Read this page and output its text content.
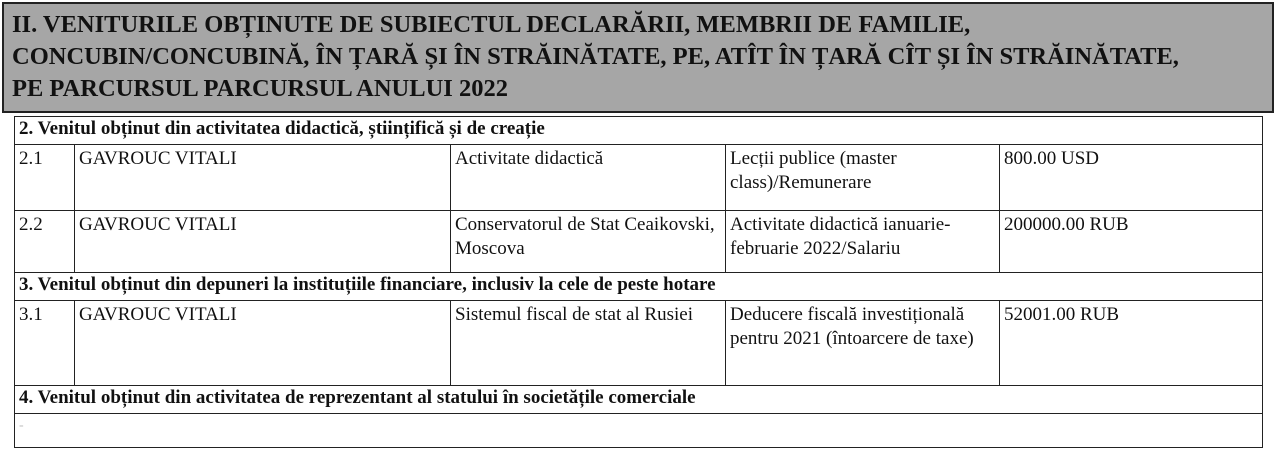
II. VENITURILE OBȚINUTE DE SUBIECTUL DECLARĂRII, MEMBRII DE FAMILIE,
CONCUBIN/CONCUBINĂ, ÎN ȚARĂ ȘI ÎN STRĂINĂTATE, PE, ATÎT ÎN ȚARĂ CÎT ȘI ÎN STRĂINĂTATE,
PE PARCURSUL PARCURSUL ANULUI 2022
2. Venitul obținut din activitatea didactică, științifică și de creație				
2.1	GAVROUC VITALI	Activitate didactică	Lecții publice (master class)/Remunerare	800.00 USD
2.2	GAVROUC VITALI	Conservatorul de Stat Ceaikovski, Moscova	Activitate didactică ianuarie-februarie 2022/Salariu	200000.00 RUB
3. Venitul obținut din depuneri la instituțiile financiare, inclusiv la cele de peste hotare				
3.1	GAVROUC VITALI	Sistemul fiscal de stat al Rusiei	Deducere fiscală investițională pentru 2021 (întoarcere de taxe)	52001.00 RUB
4. Venitul obținut din activitatea de reprezentant al statului în societățile comerciale				
-				
